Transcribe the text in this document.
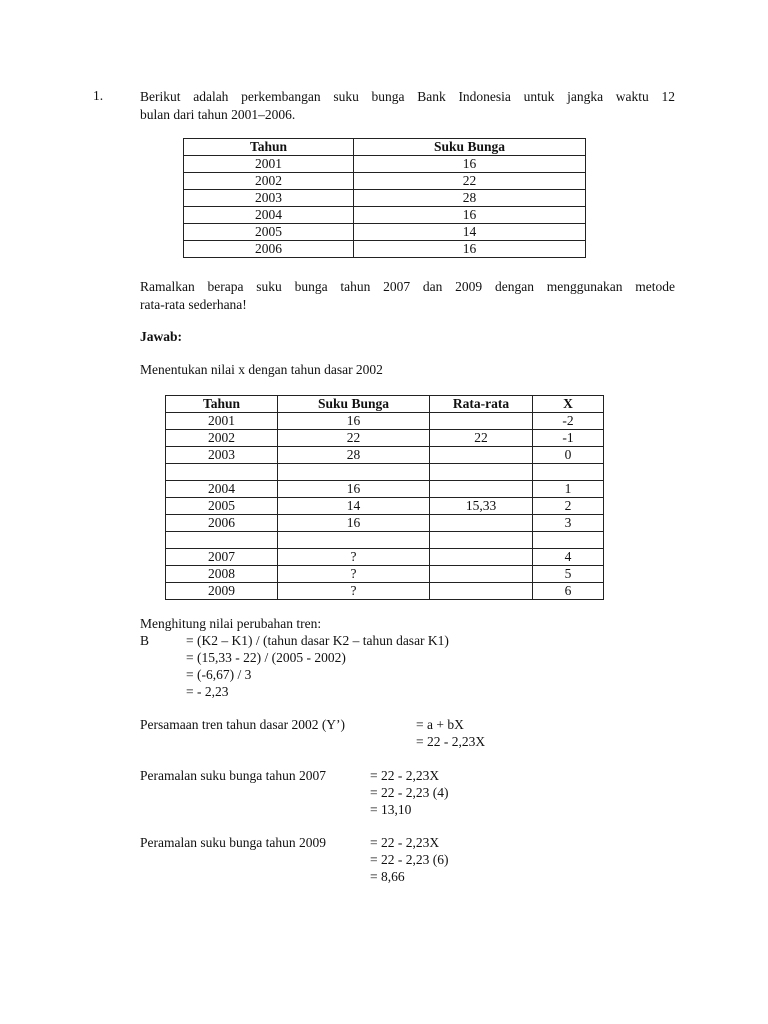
1.	Berikut adalah perkembangan suku bunga Bank Indonesia untuk jangka waktu 12
bulan dari tahun 2001–2006.
Tahun	Suku Bunga
2001	16
2002	22
2003	28
2004	16
2005	14
2006	16
Ramalkan berapa suku bunga tahun 2007 dan 2009 dengan menggunakan metode
rata-rata sederhana!
Jawab:
Menentukan nilai x dengan tahun dasar 2002
Tahun	Suku Bunga	Rata-rata	X
2001	16		-2
2002	22	22	-1
2003	28		0

2004	16		1
2005	14	15,33	2
2006	16		3

2007	?		4
2008	?		5
2009	?		6
Menghitung nilai perubahan tren:
B	= (K2 – K1) / (tahun dasar K2 – tahun dasar K1)
= (15,33 - 22) / (2005 - 2002)
= (-6,67) / 3
= - 2,23
Persamaan tren tahun dasar 2002 (Y’)	= a + bX
= 22 - 2,23X
Peramalan suku bunga tahun 2007	= 22 - 2,23X
= 22 - 2,23 (4)
= 13,10
Peramalan suku bunga tahun 2009	= 22 - 2,23X
= 22 - 2,23 (6)
= 8,66
